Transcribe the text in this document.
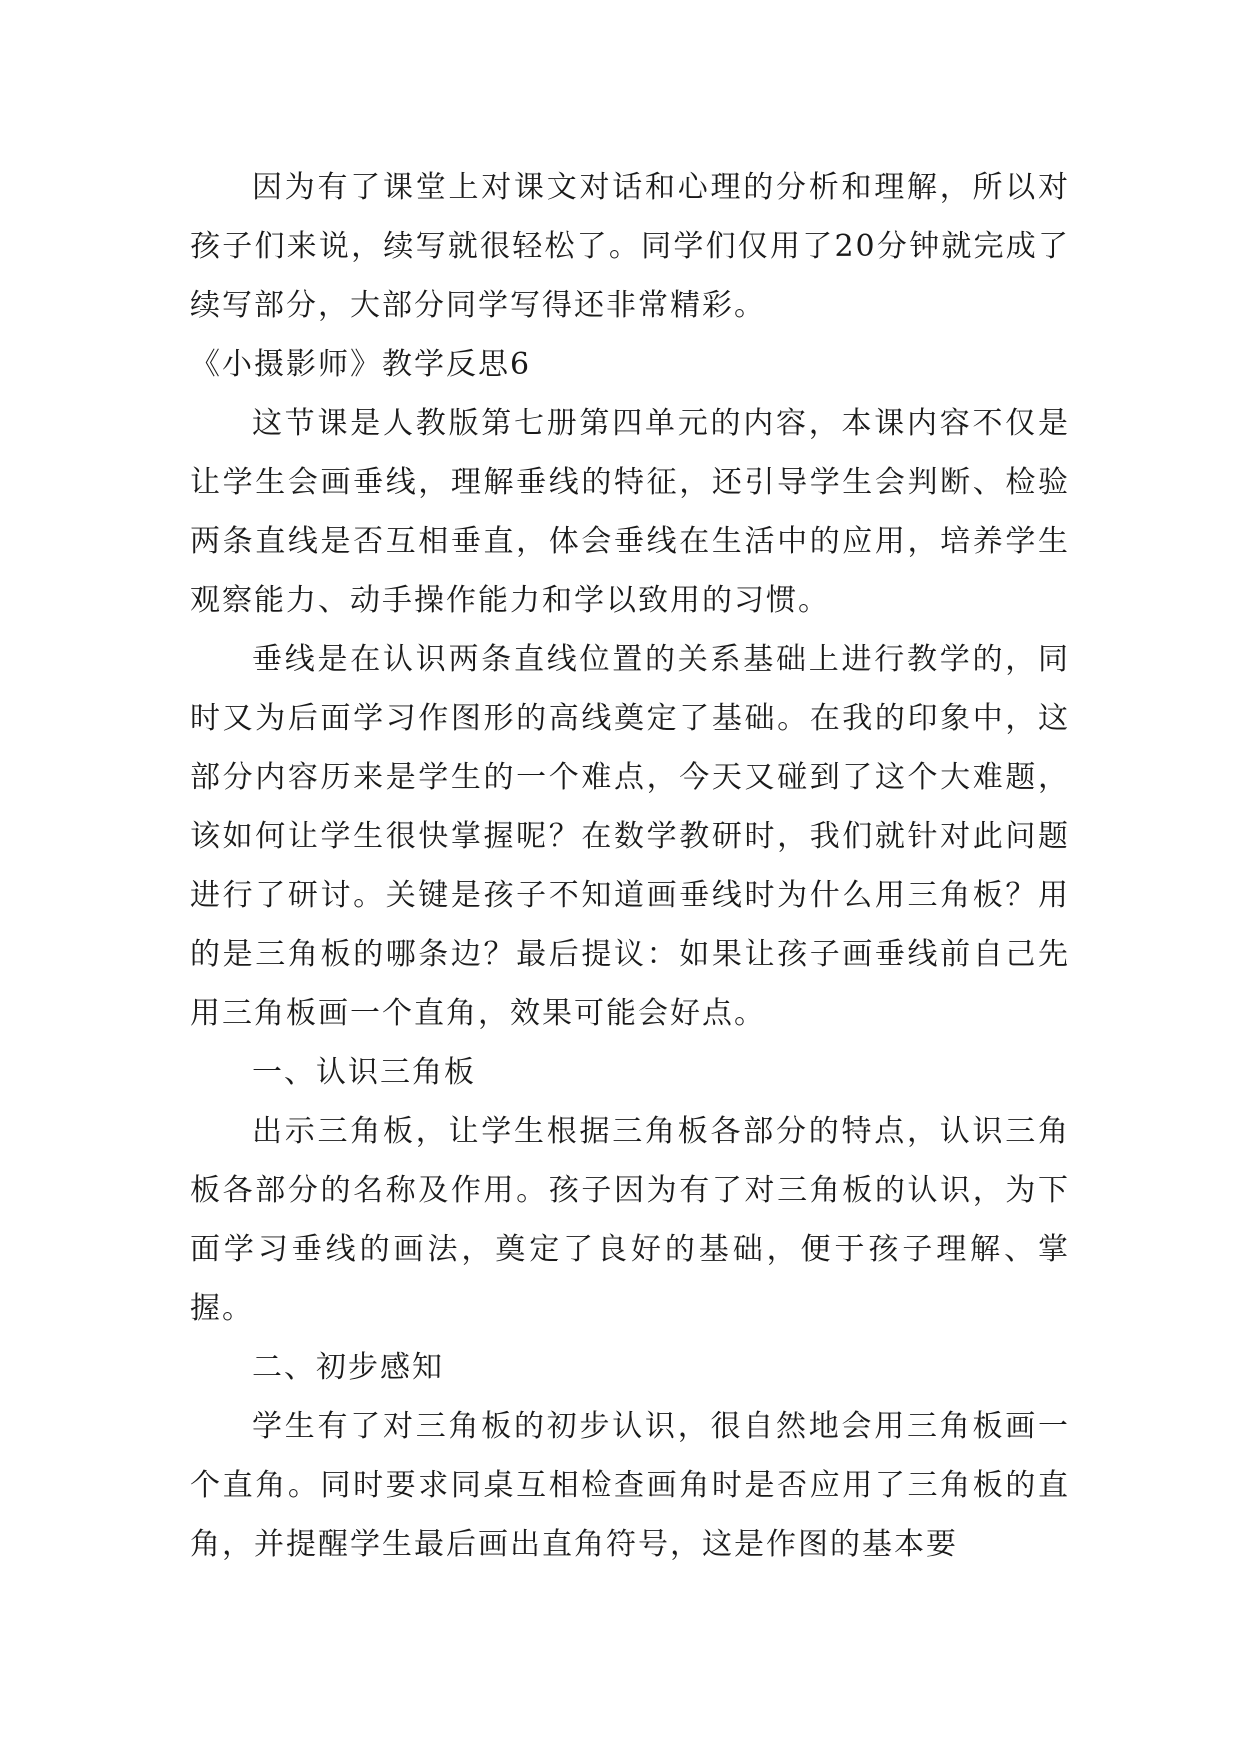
因为有了课堂上对课文对话和心理的分析和理解，所以对孩子们来说，续写就很轻松了。同学们仅用了20分钟就完成了续写部分，大部分同学写得还非常精彩。

《小摄影师》教学反思6

这节课是人教版第七册第四单元的内容，本课内容不仅是让学生会画垂线，理解垂线的特征，还引导学生会判断、检验两条直线是否互相垂直，体会垂线在生活中的应用，培养学生观察能力、动手操作能力和学以致用的习惯。

垂线是在认识两条直线位置的关系基础上进行教学的，同时又为后面学习作图形的高线奠定了基础。在我的印象中，这部分内容历来是学生的一个难点，今天又碰到了这个大难题，该如何让学生很快掌握呢？在数学教研时，我们就针对此问题进行了研讨。关键是孩子不知道画垂线时为什么用三角板？用的是三角板的哪条边？最后提议：如果让孩子画垂线前自己先用三角板画一个直角，效果可能会好点。

一、认识三角板

出示三角板，让学生根据三角板各部分的特点，认识三角板各部分的名称及作用。孩子因为有了对三角板的认识，为下面学习垂线的画法，奠定了良好的基础，便于孩子理解、掌握。

二、初步感知

学生有了对三角板的初步认识，很自然地会用三角板画一个直角。同时要求同桌互相检查画角时是否应用了三角板的直角，并提醒学生最后画出直角符号，这是作图的基本要
